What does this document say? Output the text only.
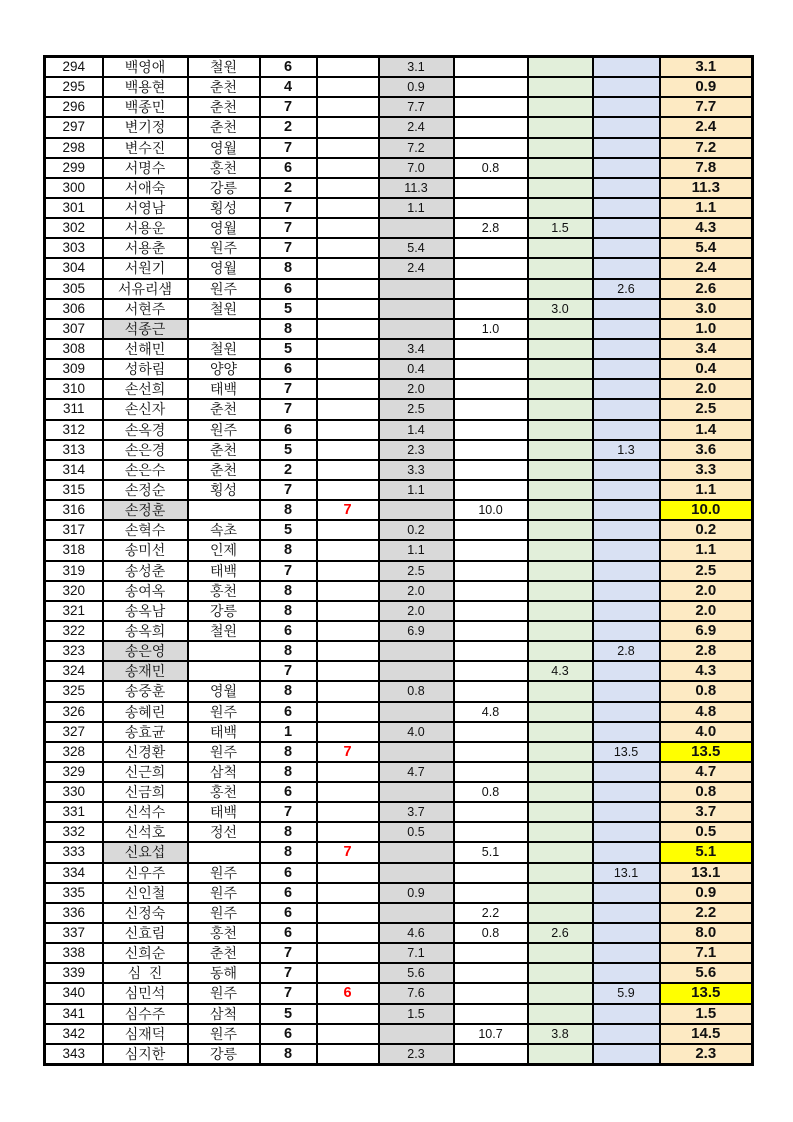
294	백영애	철원	6		3.1				3.1
295	백용현	춘천	4		0.9				0.9
296	백종민	춘천	7		7.7				7.7
297	변기정	춘천	2		2.4				2.4
298	변수진	영월	7		7.2				7.2
299	서명수	홍천	6		7.0	0.8			7.8
300	서애숙	강릉	2		11.3				11.3
301	서영남	횡성	7		1.1				1.1
302	서용운	영월	7			2.8	1.5		4.3
303	서용춘	원주	7		5.4				5.4
304	서원기	영월	8		2.4				2.4
305	서유리샘	원주	6					2.6	2.6
306	서현주	철원	5				3.0		3.0
307	석종근		8			1.0			1.0
308	선해민	철원	5		3.4				3.4
309	성하림	양양	6		0.4				0.4
310	손선희	태백	7		2.0				2.0
311	손신자	춘천	7		2.5				2.5
312	손옥경	원주	6		1.4				1.4
313	손은경	춘천	5		2.3			1.3	3.6
314	손은수	춘천	2		3.3				3.3
315	손정순	횡성	7		1.1				1.1
316	손정훈		8	7		10.0			10.0
317	손혁수	속초	5		0.2				0.2
318	송미선	인제	8		1.1				1.1
319	송성춘	태백	7		2.5				2.5
320	송여옥	홍천	8		2.0				2.0
321	송옥남	강릉	8		2.0				2.0
322	송옥희	철원	6		6.9				6.9
323	송은영		8					2.8	2.8
324	송재민		7				4.3		4.3
325	송중훈	영월	8		0.8				0.8
326	송혜린	원주	6			4.8			4.8
327	송효균	태백	1		4.0				4.0
328	신경환	원주	8	7				13.5	13.5
329	신근희	삼척	8		4.7				4.7
330	신금희	홍천	6			0.8			0.8
331	신석수	태백	7		3.7				3.7
332	신석호	정선	8		0.5				0.5
333	신요섭		8	7		5.1			5.1
334	신우주	원주	6					13.1	13.1
335	신인철	원주	6		0.9				0.9
336	신정숙	원주	6			2.2			2.2
337	신효림	홍천	6		4.6	0.8	2.6		8.0
338	신희순	춘천	7		7.1				7.1
339	심  진	동해	7		5.6				5.6
340	심민석	원주	7	6	7.6			5.9	13.5
341	심수주	삼척	5		1.5				1.5
342	심재덕	원주	6			10.7	3.8		14.5
343	심지한	강릉	8		2.3				2.3
